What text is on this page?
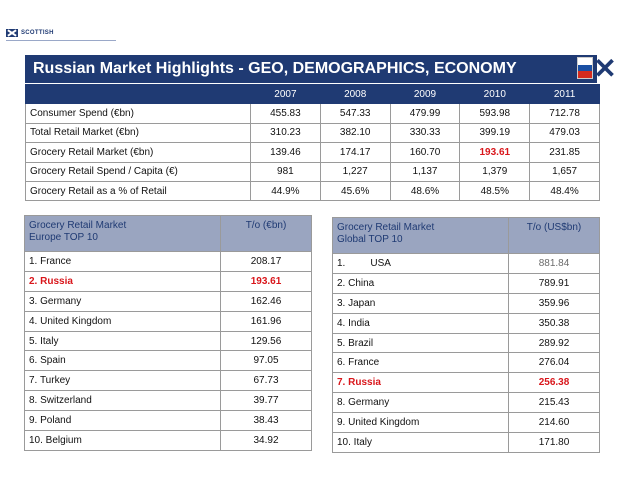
SCOTTISH
Russian Market Highlights - GEO, DEMOGRAPHICS, ECONOMY	✕
	2007	2008	2009	2010	2011
Consumer Spend (€bn)	455.83	547.33	479.99	593.98	712.78
Total Retail Market (€bn)	310.23	382.10	330.33	399.19	479.03
Grocery Retail Market (€bn)	139.46	174.17	160.70	193.61	231.85
Grocery Retail Spend / Capita (€)	981	1,227	1,137	1,379	1,657
Grocery Retail as a % of Retail	44.9%	45.6%	48.6%	48.5%	48.4%
Grocery Retail Market
Europe TOP 10	T/o (€bn)
1. France	208.17
2. Russia	193.61
3. Germany	162.46
4. United Kingdom	161.96
5. Italy	129.56
6. Spain	97.05
7. Turkey	67.73
8. Switzerland	39.77
9. Poland	38.43
10. Belgium	34.92
Grocery Retail Market
Global TOP 10	T/o (US$bn)
1.         USA	881.84
2. China	789.91
3. Japan	359.96
4. India	350.38
5. Brazil	289.92
6. France	276.04
7. Russia	256.38
8. Germany	215.43
9. United Kingdom	214.60
10. Italy	171.80
